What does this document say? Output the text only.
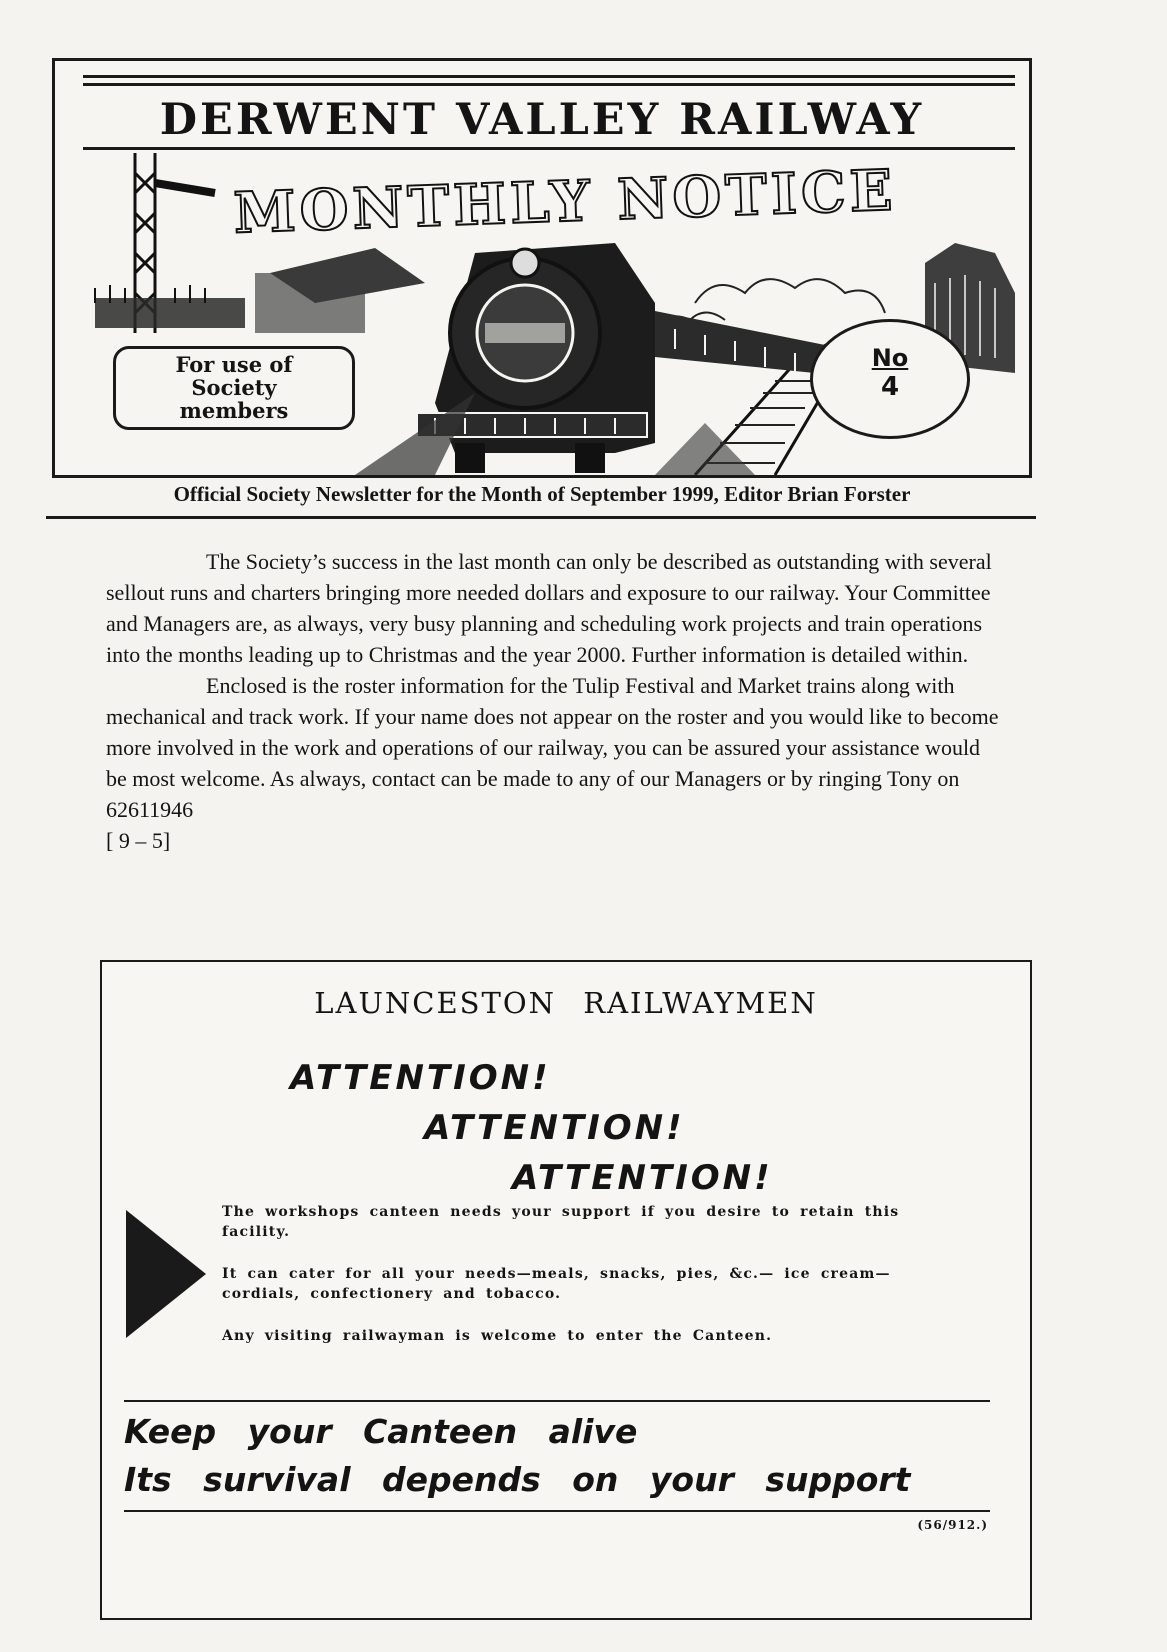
DERWENT VALLEY RAILWAY
MONTHLY NOTICE
For use of
Society
members
No
4
Official Society Newsletter for the Month of September 1999, Editor Brian Forster

The Society’s success in the last month can only be described as outstanding with several sellout runs and charters bringing more needed dollars and exposure to our railway. Your Committee and Managers are, as always, very busy planning and scheduling work projects and train operations into the months leading up to Christmas and the year 2000. Further information is detailed within.

Enclosed is the roster information for the Tulip Festival and Market trains along with mechanical and track work. If your name does not appear on the roster and you would like to become more involved in the work and operations of our railway, you can be assured your assistance would be most welcome. As always, contact can be made to any of our Managers or by ringing Tony on 62611946

[ 9 – 5]

LAUNCESTON RAILWAYMEN
ATTENTION!
ATTENTION!
ATTENTION!

The workshops canteen needs your support if you desire to retain this facility.

It can cater for all your needs—meals, snacks, pies, &c.— ice cream—cordials, confectionery and tobacco.

Any visiting railwayman is welcome to enter the Canteen.

Keep your Canteen alive
Its survival depends on your support
(56/912.)
